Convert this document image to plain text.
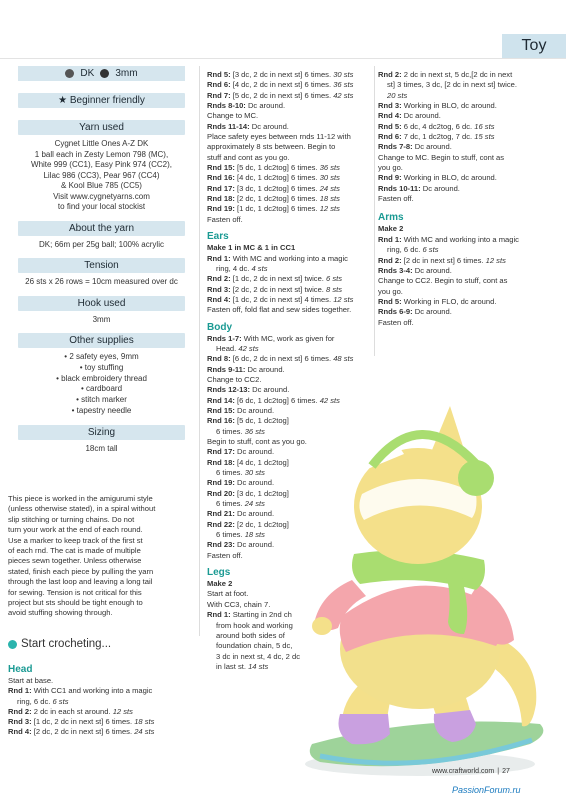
Toy
DK 3mm
★ Beginner friendly
Yarn used
Cygnet Little Ones A-Z DK
1 ball each in Zesty Lemon 798 (MC),
White 999 (CC1), Easy Pink 974 (CC2),
Lilac 986 (CC3), Pear 967 (CC4)
& Kool Blue 785 (CC5)
Visit www.cygnetyarns.com
to find your local stockist
About the yarn
DK; 66m per 25g ball; 100% acrylic
Tension
26 sts x 26 rows = 10cm measured over dc
Hook used
3mm
Other supplies
• 2 safety eyes, 9mm
• toy stuffing
• black embroidery thread
• cardboard
• stitch marker
• tapestry needle
Sizing
18cm tall
This piece is worked in the amigurumi style
(unless otherwise stated), in a spiral without
slip stitching or turning chains. Do not
turn your work at the end of each round.
Use a marker to keep track of the first st
of each rnd. The cat is made of multiple
pieces sewn together. Unless otherwise
stated, finish each piece by pulling the yarn
through the last loop and leaving a long tail
for sewing. Tension is not critical for this
project but sts should be tight enough to
avoid stuffing showing through.
Start crocheting...
Head
Start at base.
Rnd 1: With CC1 and working into a magic
ring, 6 dc. 6 sts
Rnd 2: 2 dc in each st around. 12 sts
Rnd 3: [1 dc, 2 dc in next st] 6 times. 18 sts
Rnd 4: [2 dc, 2 dc in next st] 6 times. 24 sts
Rnd 5: [3 dc, 2 dc in next st] 6 times. 30 sts
Rnd 6: [4 dc, 2 dc in next st] 6 times. 36 sts
Rnd 7: [5 dc, 2 dc in next st] 6 times. 42 sts
Rnds 8-10: Dc around.
Change to MC.
Rnds 11-14: Dc around.
Place safety eyes between rnds 11-12 with
approximately 8 sts between. Begin to
stuff and cont as you go.
Rnd 15: [5 dc, 1 dc2tog] 6 times. 36 sts
Rnd 16: [4 dc, 1 dc2tog] 6 times. 30 sts
Rnd 17: [3 dc, 1 dc2tog] 6 times. 24 sts
Rnd 18: [2 dc, 1 dc2tog] 6 times. 18 sts
Rnd 19: [1 dc, 1 dc2tog] 6 times. 12 sts
Fasten off.
Ears
Make 1 in MC & 1 in CC1
Rnd 1: With MC and working into a magic
ring, 4 dc. 4 sts
Rnd 2: [1 dc, 2 dc in next st] twice. 6 sts
Rnd 3: [2 dc, 2 dc in next st] twice. 8 sts
Rnd 4: [1 dc, 2 dc in next st] 4 times. 12 sts
Fasten off, fold flat and sew sides together.
Body
Rnds 1-7: With MC, work as given for
Head. 42 sts
Rnd 8: [6 dc, 2 dc in next st] 6 times. 48 sts
Rnds 9-11: Dc around.
Change to CC2.
Rnds 12-13: Dc around.
Rnd 14: [6 dc, 1 dc2tog] 6 times. 42 sts
Rnd 15: Dc around.
Rnd 16: [5 dc, 1 dc2tog]
6 times. 36 sts
Begin to stuff, cont as you go.
Rnd 17: Dc around.
Rnd 18: [4 dc, 1 dc2tog]
6 times. 30 sts
Rnd 19: Dc around.
Rnd 20: [3 dc, 1 dc2tog]
6 times. 24 sts
Rnd 21: Dc around.
Rnd 22: [2 dc, 1 dc2tog]
6 times. 18 sts
Rnd 23: Dc around.
Fasten off.
Legs
Make 2
Start at foot.
With CC3, chain 7.
Rnd 1: Starting in 2nd ch
from hook and working
around both sides of
foundation chain, 5 dc,
3 dc in next st, 4 dc, 2 dc
in last st. 14 sts
Rnd 2: 2 dc in next st, 5 dc,[2 dc in next
st] 3 times, 3 dc, [2 dc in next st] twice.
20 sts
Rnd 3: Working in BLO, dc around.
Rnd 4: Dc around.
Rnd 5: 6 dc, 4 dc2tog, 6 dc. 16 sts
Rnd 6: 7 dc, 1 dc2tog, 7 dc. 15 sts
Rnds 7-8: Dc around.
Change to MC. Begin to stuff, cont as
you go.
Rnd 9: Working in BLO, dc around.
Rnds 10-11: Dc around.
Fasten off.
Arms
Make 2
Rnd 1: With MC and working into a magic
ring, 6 dc. 6 sts
Rnd 2: [2 dc in next st] 6 times. 12 sts
Rnds 3-4: Dc around.
Change to CC2. Begin to stuff, cont as
you go.
Rnd 5: Working in FLO, dc around.
Rnds 6-9: Dc around.
Fasten off.
www.craftworld.com | 27
PassionForum.ru
